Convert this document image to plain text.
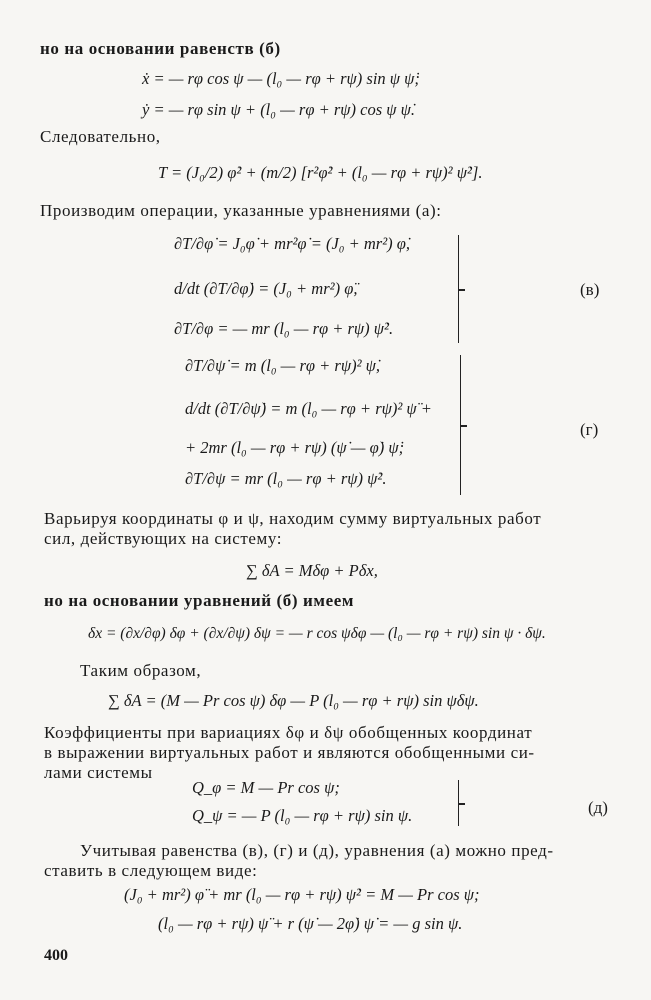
но на основании равенств (б)
ẋ = — rφ cos ψ — (l₀ — rφ + rψ) sin ψ ψ̇;
ẏ = — rφ sin ψ + (l₀ — rφ + rψ) cos ψ ψ̇.
Следовательно,
T = (J₀/2) φ̇² + (m/2) [r²φ̇² + (l₀ — rφ + rψ)² ψ̇²].
Производим операции, указанные уравнениями (а):
∂T/∂φ̇ = J₀φ̇ + mr²φ̇ = (J₀ + mr²) φ̇,
d/dt (∂T/∂φ̇) = (J₀ + mr²) φ̈,
∂T/∂φ = — mr (l₀ — rφ + rψ) ψ̇².
(в)
∂T/∂ψ̇ = m (l₀ — rφ + rψ)² ψ̇,
d/dt (∂T/∂ψ̇) = m (l₀ — rφ + rψ)² ψ̈ +
+ 2mr (l₀ — rφ + rψ) (ψ̇ — φ̇) ψ̇;
∂T/∂ψ = mr (l₀ — rφ + rψ) ψ̇².
(г)
Варьируя координаты φ и ψ, находим сумму виртуальных работ
сил, действующих на систему:
∑ δA = Mδφ + Pδx,
но на основании уравнений (б) имеем
δx = (∂x/∂φ) δφ + (∂x/∂ψ) δψ = — r cos ψδφ — (l₀ — rφ + rψ) sin ψ · δψ.
Таким образом,
∑ δA = (M — Pr cos ψ) δφ — P (l₀ — rφ + rψ) sin ψδψ.
Коэффициенты при вариациях δφ и δψ обобщенных координат
в выражении виртуальных работ и являются обобщенными си-
лами системы
Q_φ = M — Pr cos ψ;
Q_ψ = — P (l₀ — rφ + rψ) sin ψ.	(д)
Учитывая равенства (в), (г) и (д), уравнения (а) можно пред-
ставить в следующем виде:
(J₀ + mr²) φ̈ + mr (l₀ — rφ + rψ) ψ̇² = M — Pr cos ψ;
(l₀ — rφ + rψ) ψ̈ + r (ψ̇ — 2φ̇) ψ̇ = — g sin ψ.
400
